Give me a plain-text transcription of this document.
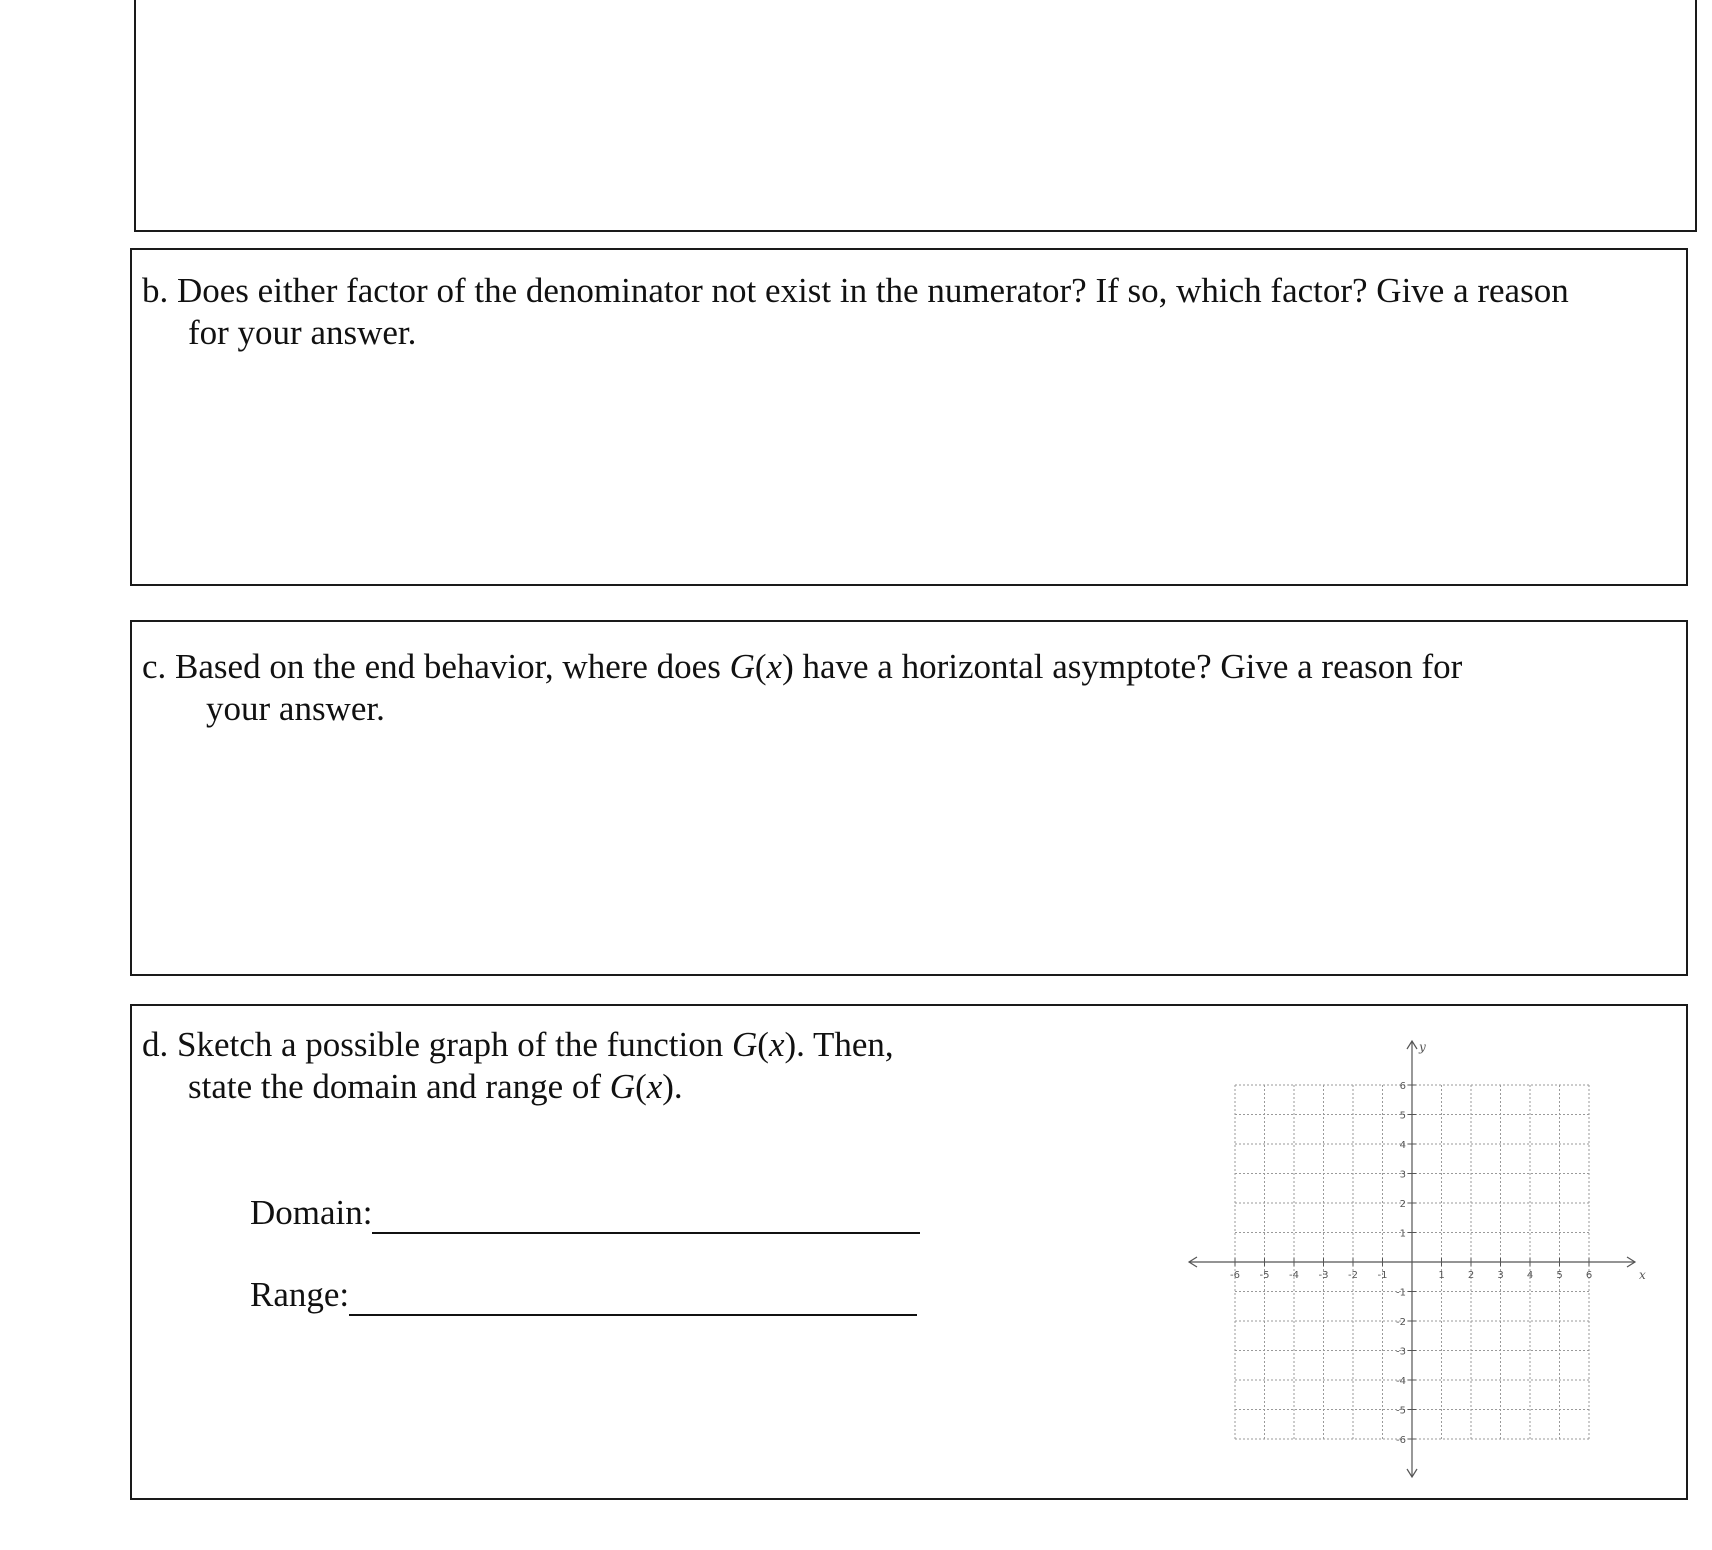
b. Does either factor of the denominator not exist in the numerator? If so, which factor? Give a reason
for your answer.
c. Based on the end behavior, where does G(x) have a horizontal asymptote? Give a reason for
your answer.
d. Sketch a possible graph of the function G(x). Then,
state the domain and range of G(x).
Domain:
Range:	x
y
-6 -5 -4 -3 -2 -1	1 2 3 4 5 6
-6
-5
-4
-3
-2
-1
1
2
3
4
5
6
